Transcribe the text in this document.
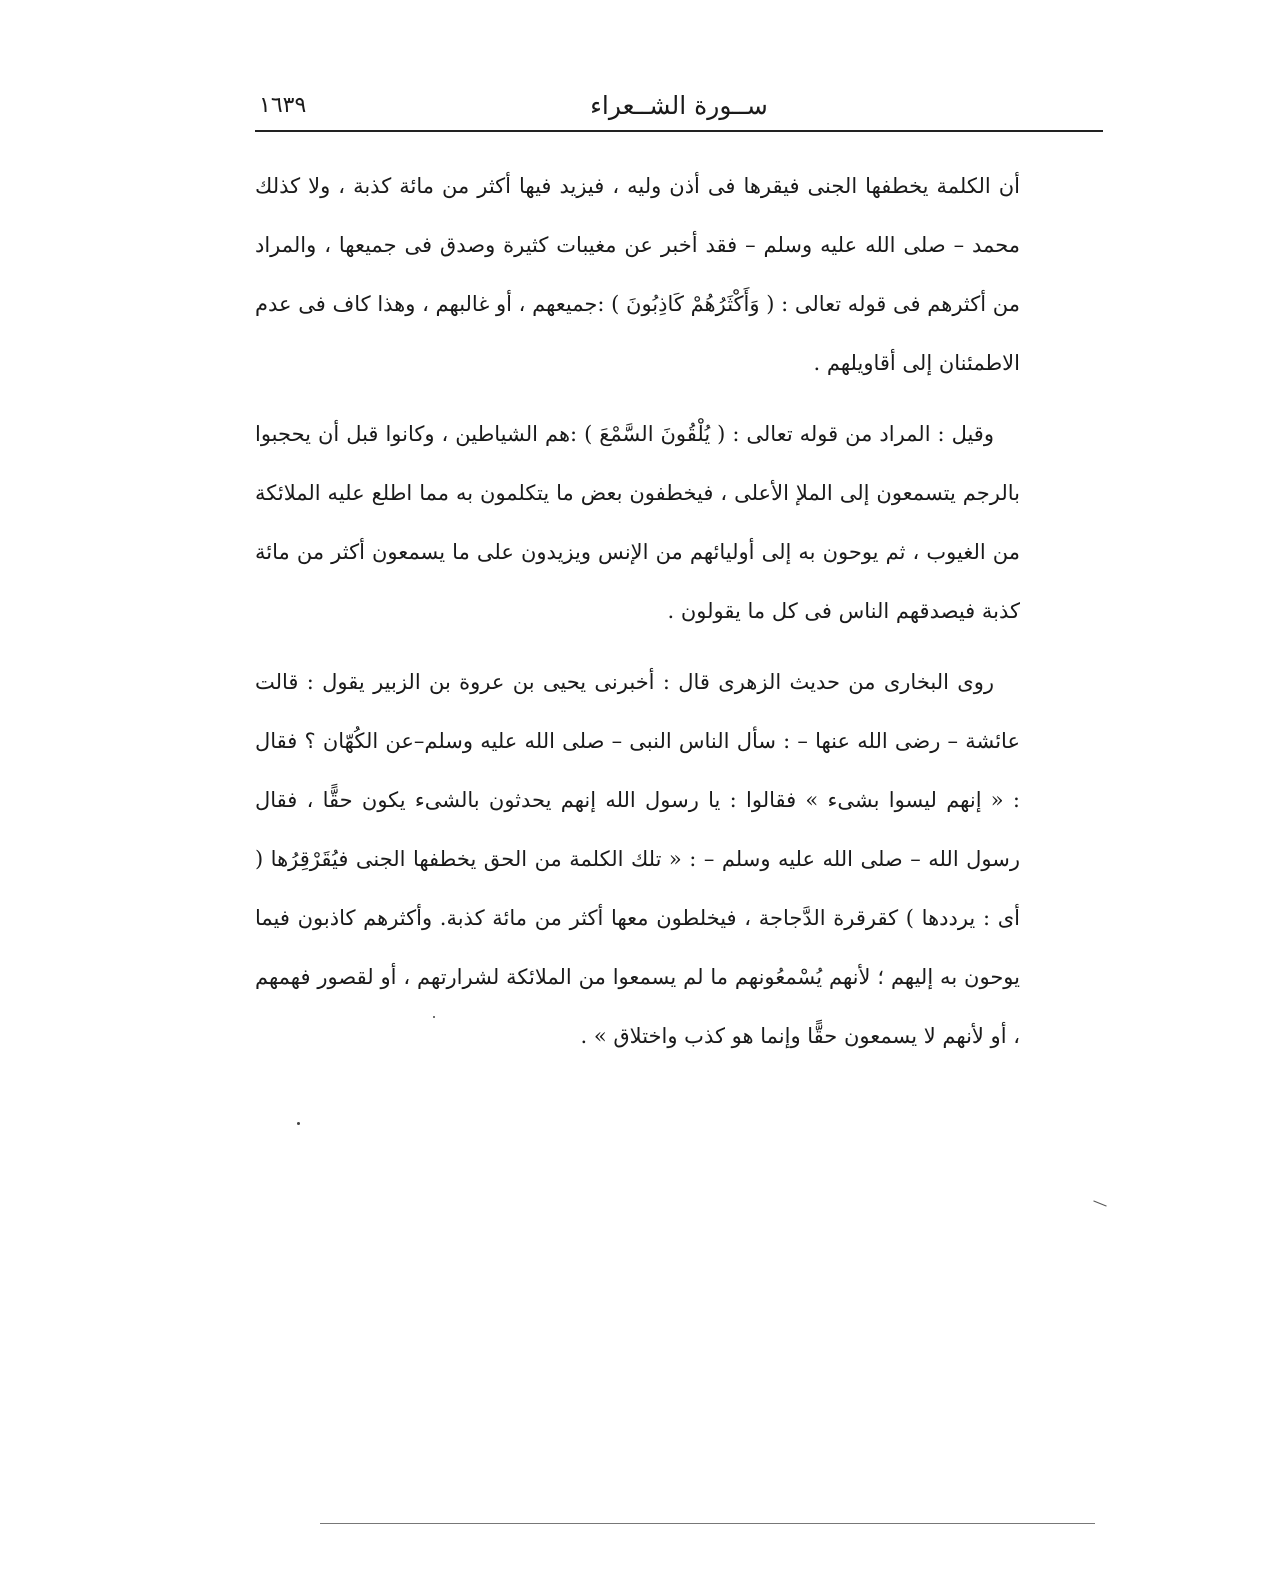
ســورة الشــعراء
١٦٣٩

أن الكلمة يخطفها الجنى فيقرها فى أذن وليه ، فيزيد فيها أكثر من مائة كذبة ، ولا كذلك محمد – صلى الله عليه وسلم – فقد أخبر عن مغيبات كثيرة وصدق فى جميعها ، والمراد من أكثرهم فى قوله تعالى : ( وَأَكْثَرُهُمْ كَاذِبُونَ ) :جميعهم ، أو غالبهم ، وهذا كاف فى عدم الاطمئنان إلى أقاويلهم .

وقيل : المراد من قوله تعالى : ( يُلْقُونَ السَّمْعَ ) :هم الشياطين ، وكانوا قبل أن يحجبوا بالرجم يتسمعون إلى الملإ الأعلى ، فيخطفون بعض ما يتكلمون به مما اطلع عليه الملائكة من الغيوب ، ثم يوحون به إلى أوليائهم من الإنس ويزيدون على ما يسمعون أكثر من مائة كذبة فيصدقهم الناس فى كل ما يقولون .

روى البخارى من حديث الزهرى قال : أخبرنى يحيى بن عروة بن الزبير يقول : قالت عائشة – رضى الله عنها – : سأل الناس النبى – صلى الله عليه وسلم–عن الكُهّان ؟ فقال : « إنهم ليسوا بشىء » فقالوا : يا رسول الله إنهم يحدثون بالشىء يكون حقًّا ، فقال رسول الله – صلى الله عليه وسلم – : « تلك الكلمة من الحق يخطفها الجنى فيُقَرْقِرُها ( أى : يرددها ) كقرقرة الدَّجاجة ، فيخلطون معها أكثر من مائة كذبة. وأكثرهم كاذبون فيما يوحون به إليهم ؛ لأنهم يُسْمعُونهم ما لم يسمعوا من الملائكة لشرارتهم ، أو لقصور فهمهم ، أو لأنهم لا يسمعون حقًّا وإنما هو كذب واختلاق » .
